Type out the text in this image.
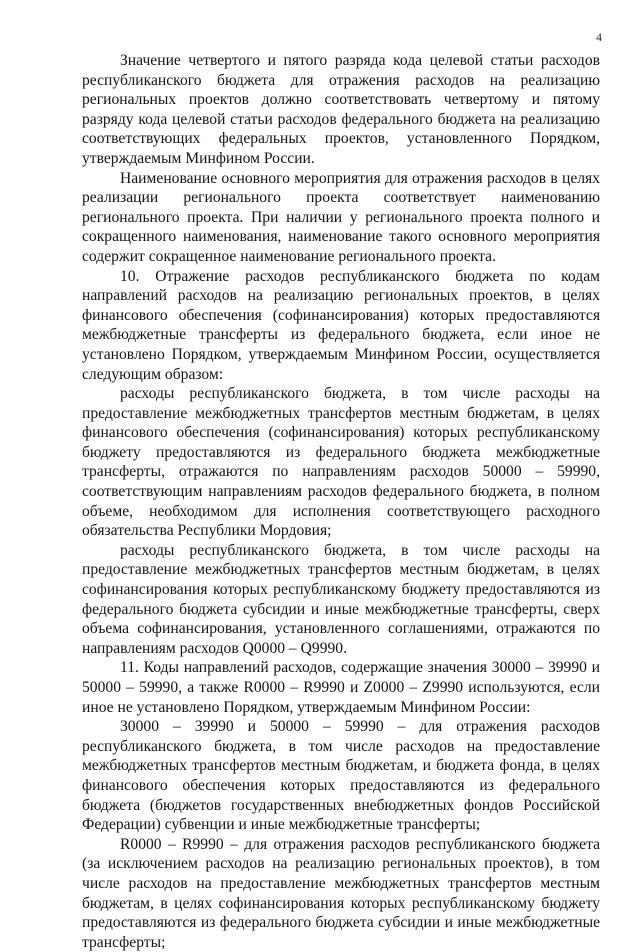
4

Значение четвертого и пятого разряда кода целевой статьи расходов республиканского бюджета для отражения расходов на реализацию региональных проектов должно соответствовать четвертому и пятому разряду кода целевой статьи расходов федерального бюджета на реализацию соответствующих федеральных проектов, установленного Порядком, утверждаемым Минфином России.

Наименование основного мероприятия для отражения расходов в целях реализации регионального проекта соответствует наименованию регионального проекта. При наличии у регионального проекта полного и сокращенного наименования, наименование такого основного мероприятия содержит сокращенное наименование регионального проекта.

10. Отражение расходов республиканского бюджета по кодам направлений расходов на реализацию региональных проектов, в целях финансового обеспечения (софинансирования) которых предоставляются межбюджетные трансферты из федерального бюджета, если иное не установлено Порядком, утверждаемым Минфином России, осуществляется следующим образом:

расходы республиканского бюджета, в том числе расходы на предоставление межбюджетных трансфертов местным бюджетам, в целях финансового обеспечения (софинансирования) которых республиканскому бюджету предоставляются из федерального бюджета межбюджетные трансферты, отражаются по направлениям расходов 50000 – 59990, соответствующим направлениям расходов федерального бюджета, в полном объеме, необходимом для исполнения соответствующего расходного обязательства Республики Мордовия;

расходы республиканского бюджета, в том числе расходы на предоставление межбюджетных трансфертов местным бюджетам, в целях софинансирования которых республиканскому бюджету предоставляются из федерального бюджета субсидии и иные межбюджетные трансферты, сверх объема софинансирования, установленного соглашениями, отражаются по направлениям расходов Q0000 – Q9990.

11. Коды направлений расходов, содержащие значения 30000 – 39990 и 50000 – 59990, а также R0000 – R9990 и Z0000 – Z9990 используются, если иное не установлено Порядком, утверждаемым Минфином России:

30000 – 39990 и 50000 – 59990 – для отражения расходов республиканского бюджета, в том числе расходов на предоставление межбюджетных трансфертов местным бюджетам, и бюджета фонда, в целях финансового обеспечения которых предоставляются из федерального бюджета (бюджетов государственных внебюджетных фондов Российской Федерации) субвенции и иные межбюджетные трансферты;

R0000 – R9990 – для отражения расходов республиканского бюджета (за исключением расходов на реализацию региональных проектов), в том числе расходов на предоставление межбюджетных трансфертов местным бюджетам, в целях софинансирования которых республиканскому бюджету предоставляются из федерального бюджета субсидии и иные межбюджетные трансферты;
